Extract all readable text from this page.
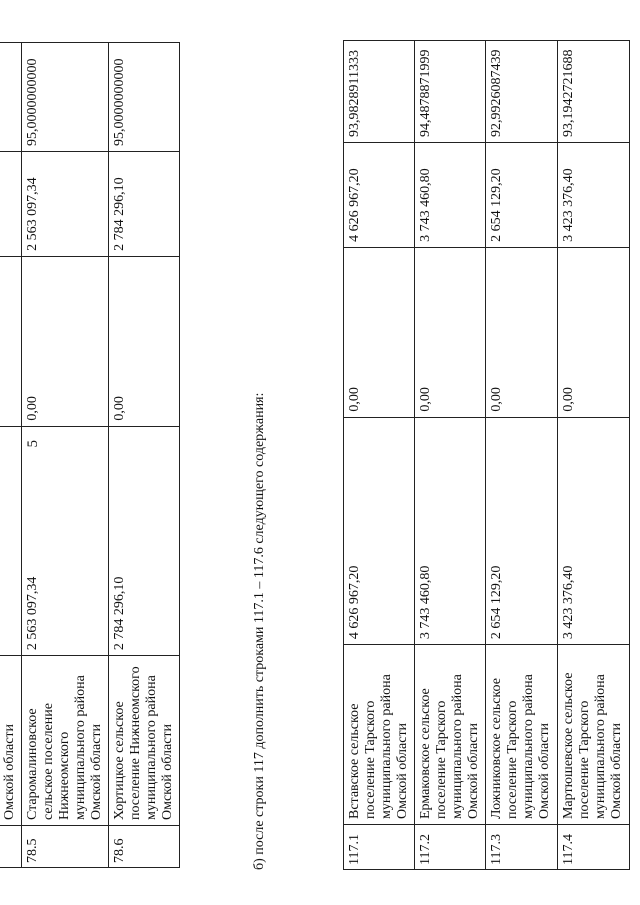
5
	Омской области				
78.5	Старомалиновское сельское поселение Нижнеомского муниципального района Омской области	2 563 097,34	0,00	2 563 097,34	95,0000000000
78.6	Хортицкое сельское поселение Нижнеомского муниципального района Омской области	2 784 296,10	0,00	2 784 296,10	95,0000000000
б) после строки 117 дополнить строками 117.1 – 117.6 следующего содержания:	117.1	Вставское сельское поселение Тарского муниципального района Омской области	4 626 967,20	0,00	4 626 967,20	93,9828911333
117.2	Ермаковское сельское поселение Тарского муниципального района Омской области	3 743 460,80	0,00	3 743 460,80	94,4878871999
117.3	Ложниковское сельское поселение Тарского муниципального района Омской области	2 654 129,20	0,00	2 654 129,20	92,9926087439
117.4	Мартюшевское сельское поселение Тарского муниципального района Омской области	3 423 376,40	0,00	3 423 376,40	93,1942721688
